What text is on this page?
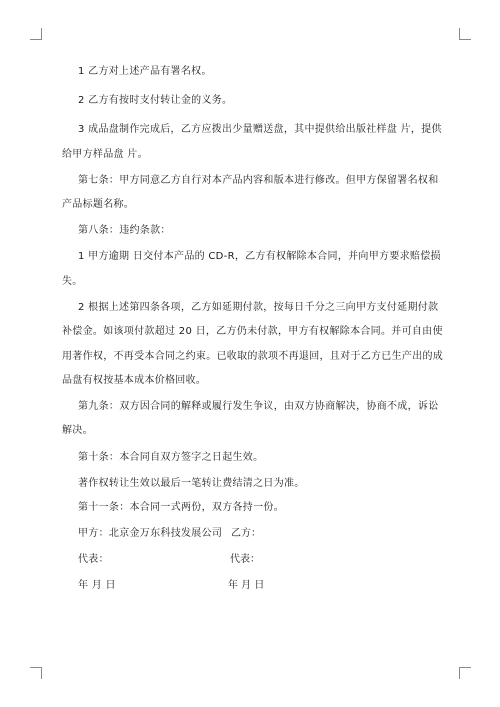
1 乙方对上述产品有署名权。
2 乙方有按时支付转让金的义务。
3 成品盘制作完成后，乙方应拨出少量赠送盘，其中提供给出版社样盘 片，提供
给甲方样品盘 片。
第七条：甲方同意乙方自行对本产品内容和版本进行修改。但甲方保留署名权和
产品标题名称。
第八条：违约条款：
1 甲方逾期 日交付本产品的 CD-R，乙方有权解除本合同，并向甲方要求赔偿损
失。
2 根据上述第四条各项，乙方如延期付款，按每日千分之三向甲方支付延期付款
补偿金。如该项付款超过 20 日，乙方仍未付款，甲方有权解除本合同。并可自由使
用著作权，不再受本合同之约束。已收取的款项不再退回，且对于乙方已生产出的成
品盘有权按基本成本价格回收。
第九条：双方因合同的解释或履行发生争议，由双方协商解决，协商不成，诉讼
解决。
第十条：本合同自双方签字之日起生效。
著作权转让生效以最后一笔转让费结清之日为准。
第十一条：本合同一式两份，双方各持一份。
甲方：北京金万东科技发展公司 乙方：
代表：	代表：
年 月 日	年 月 日
